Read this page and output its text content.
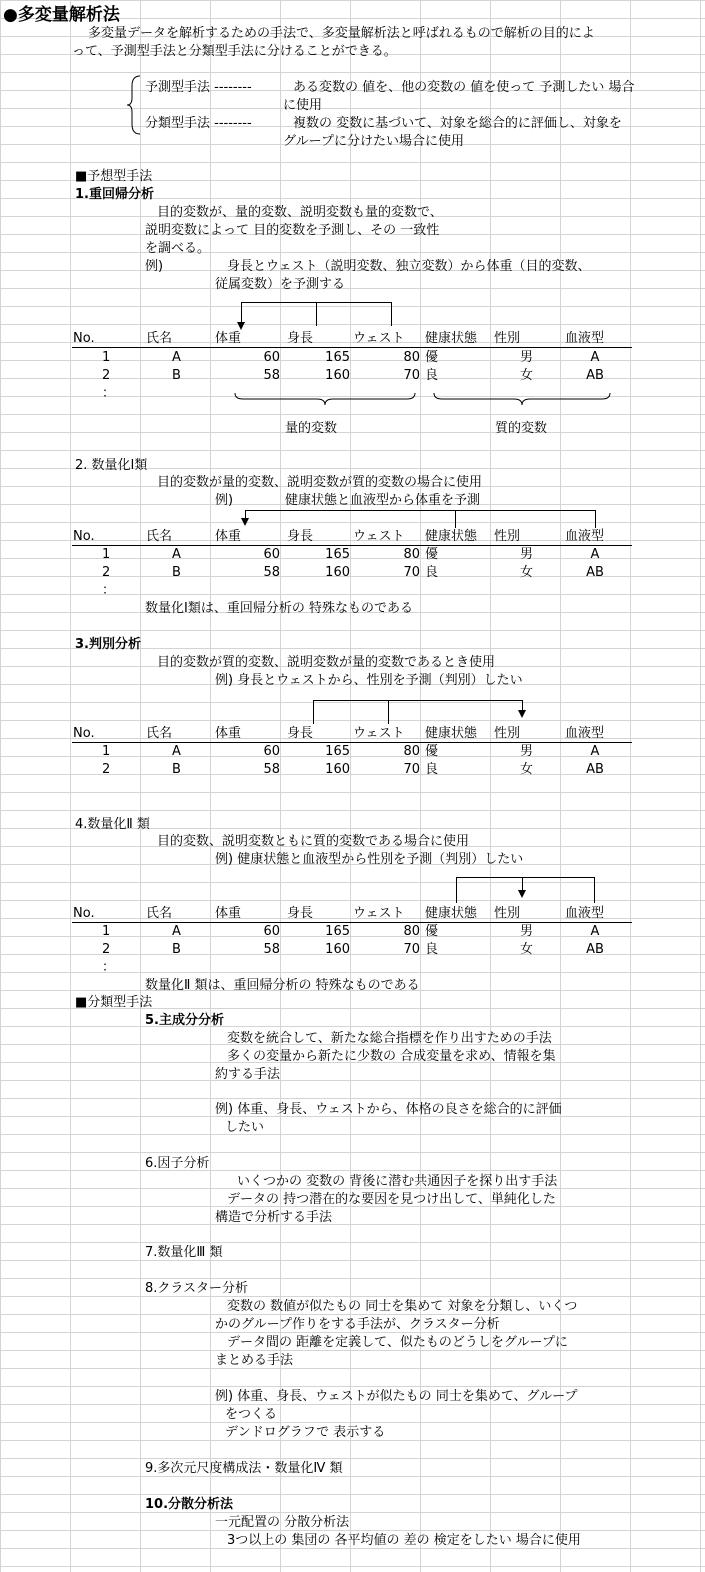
●多変量解析法
多変量データを解析するための手法で、多変量解析法と呼ばれるもので解析の目的によ
って、予測型手法と分類型手法に分けることができる。
予測型手法 --------	ある変数の 値を、他の変数の 値を使って 予測したい 場合
に使用
分類型手法 --------	複数の 変数に基づいて、対象を総合的に評価し、対象を
グループに分けたい場合に使用
■予想型手法
1.重回帰分析
目的変数が、量的変数、説明変数も量的変数で、
説明変数によって 目的変数を予測し、その 一致性
を調べる。
例)	身長とウェスト（説明変数、独立変数）から体重（目的変数、
従属変数）を予測する
No.	氏名	体重	身長	ウェスト 健康状態 性別	血液型
1	A	60	165	80 優	男	A
2	B	58	160	70 良	女	AB
：
量的変数	質的変数
2. 数量化Ⅰ類
目的変数が量的変数、説明変数が質的変数の場合に使用
例)	健康状態と血液型から体重を予測
No.	氏名	体重	身長	ウェスト 健康状態 性別	血液型
1	A	60	165	80 優	男	A
2	B	58	160	70 良	女	AB
：
数量化Ⅰ類は、重回帰分析の 特殊なものである
3.判別分析
目的変数が質的変数、説明変数が量的変数であるとき使用
例) 身長とウェストから、性別を予測（判別）したい
No.	氏名	体重	身長	ウェスト 健康状態 性別	血液型
1	A	60	165	80 優	男	A
2	B	58	160	70 良	女	AB
4.数量化Ⅱ 類
目的変数、説明変数ともに質的変数である場合に使用
例) 健康状態と血液型から性別を予測（判別）したい
No.	氏名	体重	身長	ウェスト 健康状態 性別	血液型
1	A	60	165	80 優	男	A
2	B	58	160	70 良	女	AB
：
数量化Ⅱ 類は、重回帰分析の 特殊なものである
■分類型手法
5.主成分分析
変数を統合して、新たな総合指標を作り出すための手法
多くの変量から新たに少数の 合成変量を求め、情報を集
約する手法
例) 体重、身長、ウェストから、体格の良さを総合的に評価
したい
6.因子分析
いくつかの 変数の 背後に潜む共通因子を探り出す手法
データの 持つ潜在的な要因を見つけ出して、単純化した
構造で分析する手法
7.数量化Ⅲ 類
8.クラスター分析
変数の 数値が似たもの 同士を集めて 対象を分類し、いくつ
かのグループ作りをする手法が、クラスター分析
データ間の 距離を定義して、似たものどうしをグループに
まとめる手法
例) 体重、身長、ウェストが似たもの 同士を集めて、グループ
をつくる
デンドログラフで 表示する
9.多次元尺度構成法・数量化Ⅳ 類
10.分散分析法
一元配置の 分散分析法
3つ以上の 集団の 各平均値の 差の 検定をしたい 場合に使用
